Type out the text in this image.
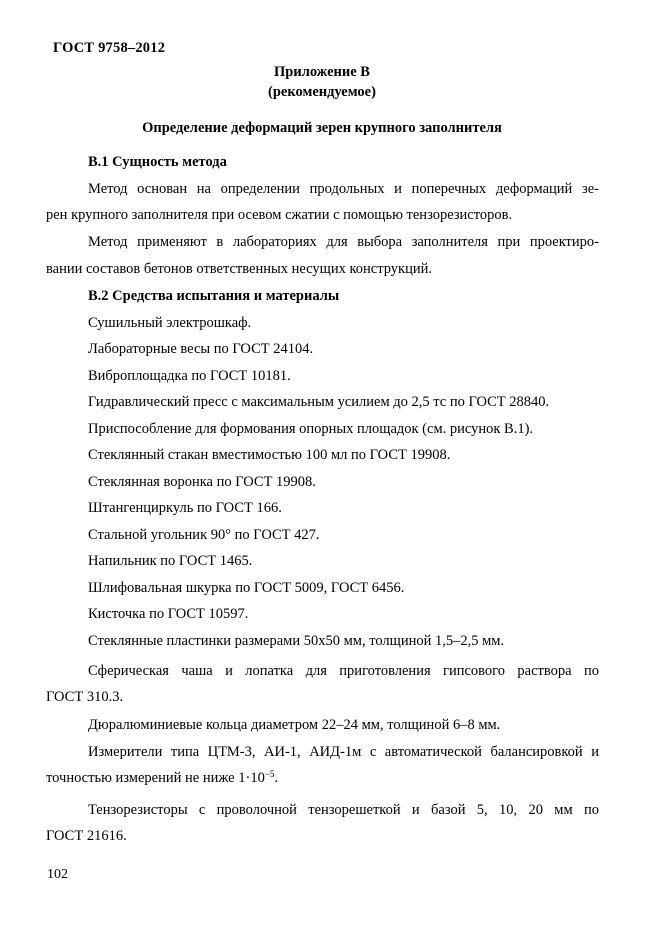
ГОСТ 9758–2012
Приложение В
(рекомендуемое)
Определение деформаций зерен крупного заполнителя
В.1 Сущность метода
Метод основан на определении продольных и поперечных деформаций зе-
рен крупного заполнителя при осевом сжатии с помощью тензорезисторов.
Метод применяют в лабораториях для выбора заполнителя при проектиро-
вании составов бетонов ответственных несущих конструкций.
В.2 Средства испытания и материалы
Сушильный электрошкаф.
Лабораторные весы по ГОСТ 24104.
Виброплощадка по ГОСТ 10181.
Гидравлический пресс с максимальным усилием до 2,5 тс по ГОСТ 28840.
Приспособление для формования опорных площадок (см. рисунок В.1).
Стеклянный стакан вместимостью 100 мл по ГОСТ 19908.
Стеклянная воронка по ГОСТ 19908.
Штангенциркуль по ГОСТ 166.
Стальной угольник 90° по ГОСТ 427.
Напильник по ГОСТ 1465.
Шлифовальная шкурка по ГОСТ 5009, ГОСТ 6456.
Кисточка по ГОСТ 10597.
Стеклянные пластинки размерами 50х50 мм, толщиной 1,5–2,5 мм.
Сферическая чаша и лопатка для приготовления гипсового раствора по
ГОСТ 310.3.
Дюралюминиевые кольца диаметром 22–24 мм, толщиной 6–8 мм.
Измерители типа ЦТМ-3, АИ-1, АИД-1м с автоматической балансировкой и
точностью измерений не ниже $1\cdot 10^{-5}$.
Тензорезисторы с проволочной тензорешеткой и базой 5, 10, 20 мм по
ГОСТ 21616.
102
